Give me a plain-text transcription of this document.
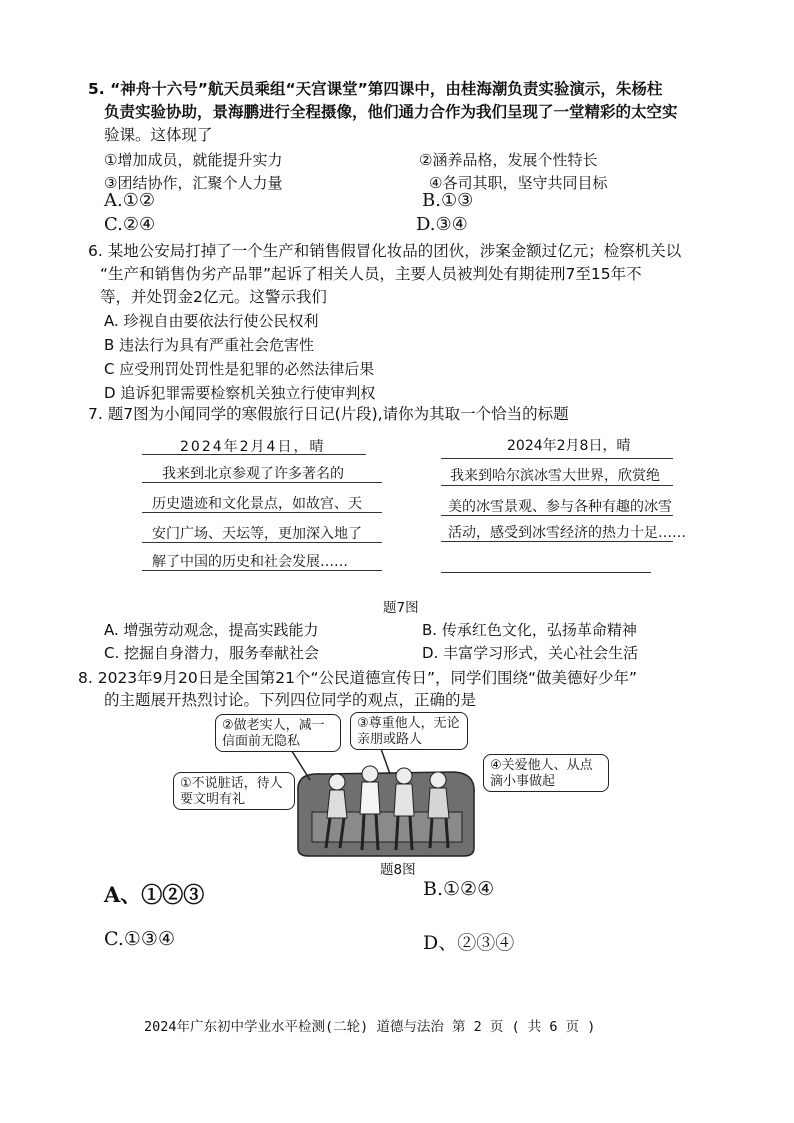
5. “神舟十六号”航天员乘组“天宫课堂”第四课中，由桂海潮负责实验演示，朱杨柱
负责实验协助，景海鹏进行全程摄像，他们通力合作为我们呈现了一堂精彩的太空实
验课。这体现了
①增加成员，就能提升实力	②涵养品格，发展个性特长
③团结协作，汇聚个人力量	④各司其职，坚守共同目标
A.①②	B.①③
C.②④	D.③④
6. 某地公安局打掉了一个生产和销售假冒化妆品的团伙，涉案金额过亿元；检察机关以
“生产和销售伪劣产品罪”起诉了相关人员，主要人员被判处有期徒刑7至15年不
等，并处罚金2亿元。这警示我们
A. 珍视自由要依法行使公民权利
B 违法行为具有严重社会危害性
C 应受刑罚处罚性是犯罪的必然法律后果
D 追诉犯罪需要检察机关独立行使审判权
7. 题7图为小闻同学的寒假旅行日记(片段),请你为其取一个恰当的标题
2024年2月4日，晴
我来到北京参观了许多著名的
历史遗迹和文化景点，如故宫、天
安门广场、天坛等，更加深入地了
解了中国的历史和社会发展……
2024年2月8日，晴
我来到哈尔滨冰雪大世界，欣赏绝
美的冰雪景观、参与各种有趣的冰雪
活动，感受到冰雪经济的热力十足……
题7图
A. 增强劳动观念，提高实践能力	B. 传承红色文化，弘扬革命精神
C. 挖掘自身潜力，服务奉献社会	D. 丰富学习形式，关心社会生活
8. 2023年9月20日是全国第21个“公民道德宣传日”，同学们围绕“做美德好少年”
的主题展开热烈讨论。下列四位同学的观点，正确的是
②做老实人，减一信面前无隐私
③尊重他人，无论亲朋或路人
①不说脏话，待人要文明有礼
④关爱他人、从点滴小事做起
题8图
A、①②③	B.①②④
C.①③④	D、②③④
2024年广东初中学业水平检测(二轮) 道德与法治 第 2 页 ( 共 6 页 )
